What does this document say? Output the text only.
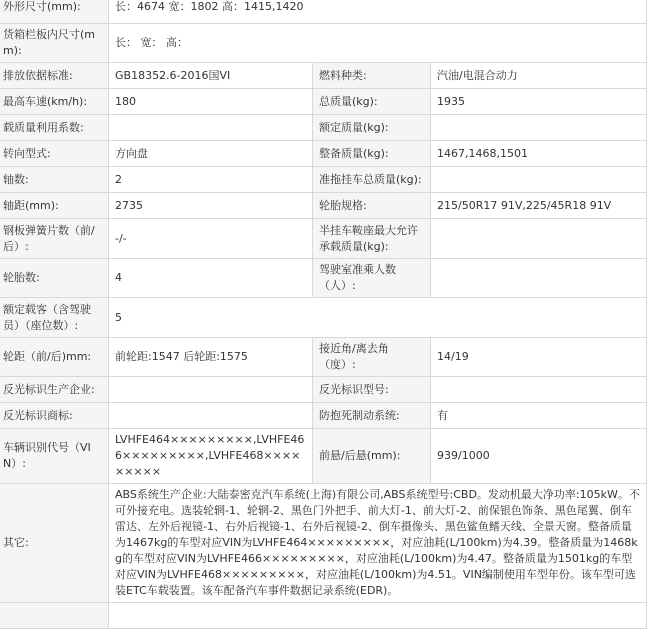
外形尺寸(mm):	长：4674 宽：1802 高：1415,1420		
货箱栏板内尺寸(mm):	长： 宽： 高：		
排放依据标准:	GB18352.6-2016国VI	燃料种类:	汽油/电混合动力
最高车速(km/h):	180	总质量(kg):	1935
载质量利用系数:		额定质量(kg):	
转向型式:	方向盘	整备质量(kg):	1467,1468,1501
轴数:	2	准拖挂车总质量(kg):	
轴距(mm):	2735	轮胎规格:	215/50R17 91V,225/45R18 91V
钢板弹簧片数（前/后）:	-/-	半挂车鞍座最大允许承载质量(kg):	
轮胎数:	4	驾驶室准乘人数（人）:	
额定载客（含驾驶员）（座位数）:	5		
轮距（前/后)mm:	前轮距:1547 后轮距:1575	接近角/离去角（度）:	14/19
反光标识生产企业:		反光标识型号:	
反光标识商标:		防抱死制动系统:	有
车辆识别代号（VIN）:	LVHFE464×××××××××,LVHFE466×××××××××,LVHFE468×××××××××	前悬/后悬(mm):	939/1000
其它:	ABS系统生产企业:大陆泰密克汽车系统(上海)有限公司,ABS系统型号:CBD。发动机最大净功率:105kW。不可外接充电。选装轮辋-1、轮辋-2、黑色门外把手、前大灯-1、前大灯-2、前保银色饰条、黑色尾翼、倒车雷达、左外后视镜-1、右外后视镜-1、右外后视镜-2、倒车摄像头、黑色鲨鱼鳍天线、全景天窗。整备质量为1467kg的车型对应VIN为LVHFE464×××××××××，对应油耗(L/100km)为4.39。整备质量为1468kg的车型对应VIN为LVHFE466×××××××××，对应油耗(L/100km)为4.47。整备质量为1501kg的车型对应VIN为LVHFE468×××××××××，对应油耗(L/100km)为4.51。VIN编制使用车型年份。该车型可选装ETC车载装置。该车配备汽车事件数据记录系统(EDR)。		
